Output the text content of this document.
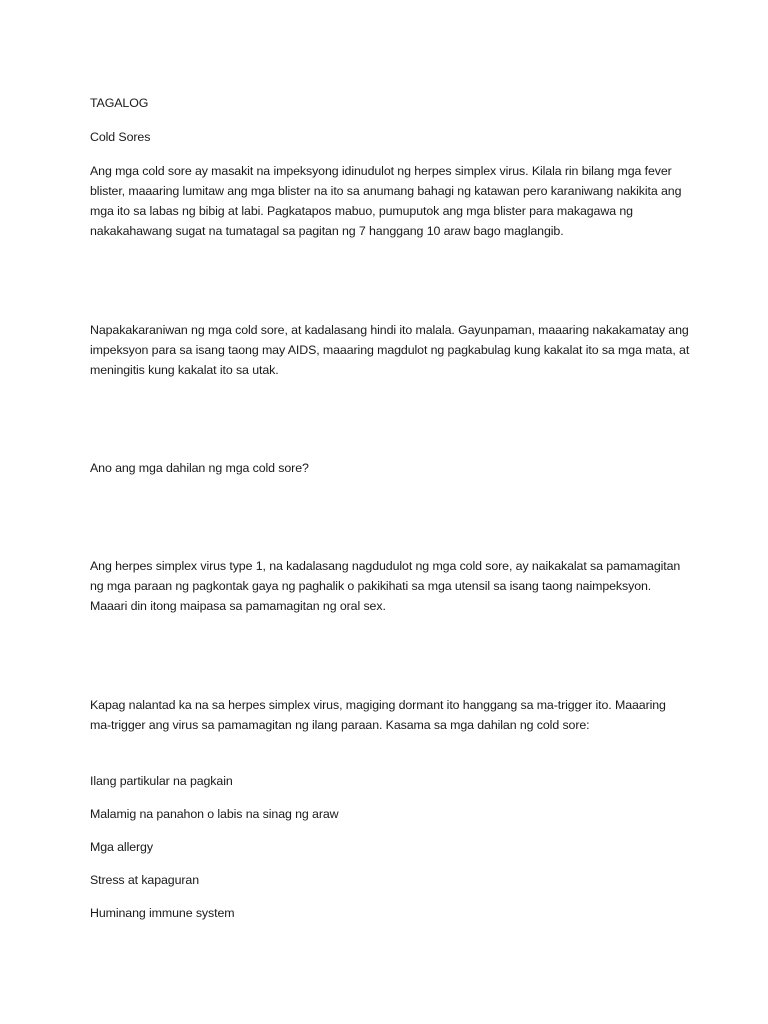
TAGALOG

Cold Sores

Ang mga cold sore ay masakit na impeksyong idinudulot ng herpes simplex virus. Kilala rin bilang mga fever blister, maaaring lumitaw ang mga blister na ito sa anumang bahagi ng katawan pero karaniwang nakikita ang mga ito sa labas ng bibig at labi. Pagkatapos mabuo, pumuputok ang mga blister para makagawa ng nakakahawang sugat na tumatagal sa pagitan ng 7 hanggang 10 araw bago maglangib.

Napakakaraniwan ng mga cold sore, at kadalasang hindi ito malala. Gayunpaman, maaaring nakakamatay ang impeksyon para sa isang taong may AIDS, maaaring magdulot ng pagkabulag kung kakalat ito sa mga mata, at meningitis kung kakalat ito sa utak.

Ano ang mga dahilan ng mga cold sore?

Ang herpes simplex virus type 1, na kadalasang nagdudulot ng mga cold sore, ay naikakalat sa pamamagitan ng mga paraan ng pagkontak gaya ng paghalik o pakikihati sa mga utensil sa isang taong naimpeksyon. Maaari din itong maipasa sa pamamagitan ng oral sex.

Kapag nalantad ka na sa herpes simplex virus, magiging dormant ito hanggang sa ma-trigger ito. Maaaring ma-trigger ang virus sa pamamagitan ng ilang paraan. Kasama sa mga dahilan ng cold sore:

Ilang partikular na pagkain

Malamig na panahon o labis na sinag ng araw

Mga allergy

Stress at kapaguran

Huminang immune system
